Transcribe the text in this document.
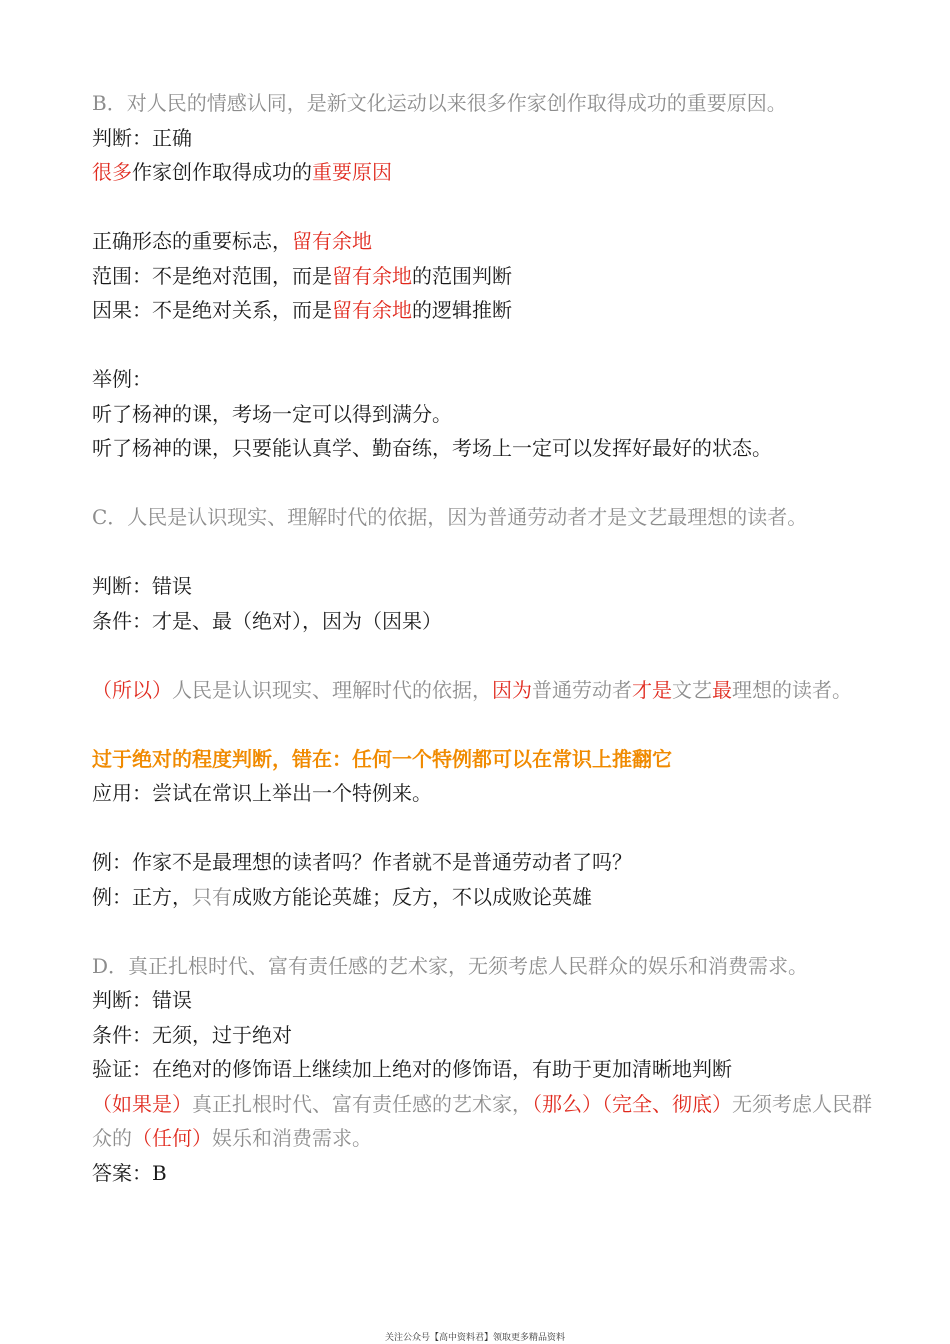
B．对人民的情感认同，是新文化运动以来很多作家创作取得成功的重要原因。
判断：正确
很多作家创作取得成功的重要原因
正确形态的重要标志，留有余地
范围：不是绝对范围，而是留有余地的范围判断
因果：不是绝对关系，而是留有余地的逻辑推断
举例：
听了杨神的课，考场一定可以得到满分。
听了杨神的课，只要能认真学、勤奋练，考场上一定可以发挥好最好的状态。
C．人民是认识现实、理解时代的依据，因为普通劳动者才是文艺最理想的读者。
判断：错误
条件：才是、最（绝对），因为（因果）
（所以）人民是认识现实、理解时代的依据，因为普通劳动者才是文艺最理想的读者。
过于绝对的程度判断，错在：任何一个特例都可以在常识上推翻它
应用：尝试在常识上举出一个特例来。
例：作家不是最理想的读者吗？作者就不是普通劳动者了吗？
例：正方，只有成败方能论英雄；反方，不以成败论英雄
D．真正扎根时代、富有责任感的艺术家，无须考虑人民群众的娱乐和消费需求。
判断：错误
条件：无须，过于绝对
验证：在绝对的修饰语上继续加上绝对的修饰语，有助于更加清晰地判断
（如果是）真正扎根时代、富有责任感的艺术家，（那么）（完全、彻底）无须考虑人民群众的（任何）娱乐和消费需求。
答案：B
关注公众号【高中资料君】领取更多精品资料
